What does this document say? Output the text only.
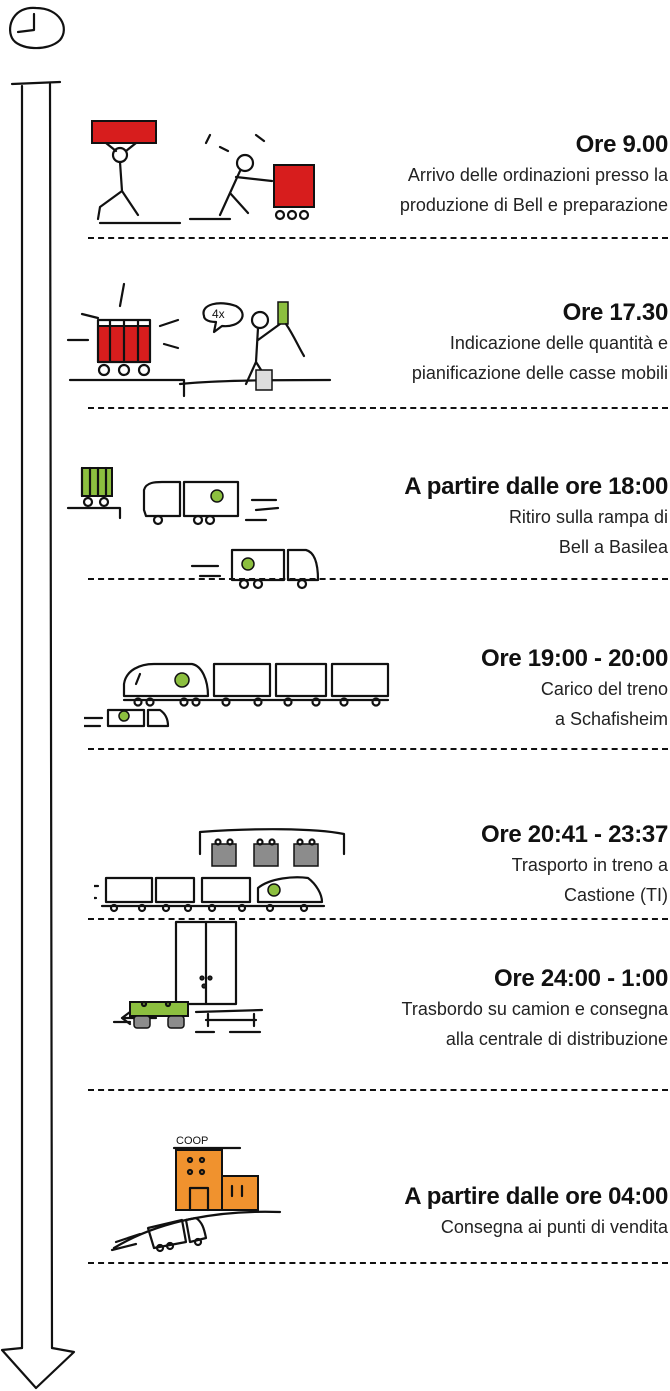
Ore 9.00
Arrivo delle ordinazioni presso la
produzione di Bell e preparazione
4x	Ore 17.30
Indicazione delle quantità e
pianificazione delle casse mobili
A partire dalle ore 18:00
Ritiro sulla rampa di
Bell a Basilea
Ore 19:00 - 20:00
Carico del treno
a Schafisheim
Ore 20:41 - 23:37
Trasporto in treno a
Castione (TI)
Ore 24:00 - 1:00
Trasbordo su camion e consegna
alla centrale di distribuzione
COOP
A partire dalle ore 04:00
Consegna ai punti di vendita
